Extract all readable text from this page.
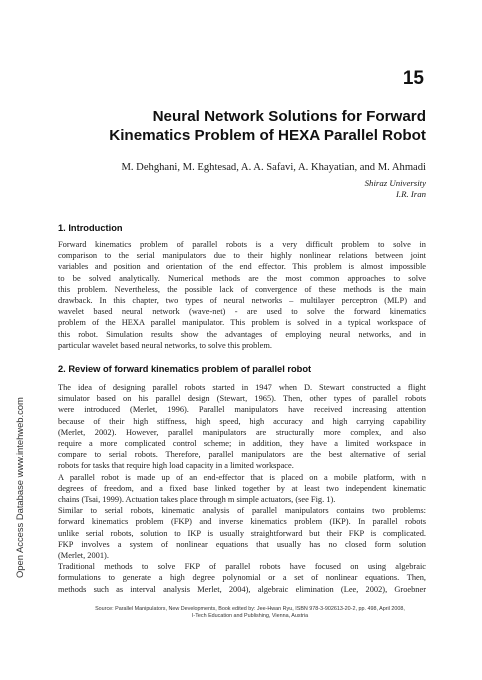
15
Neural Network Solutions for Forward
Kinematics Problem of HEXA Parallel Robot
M. Dehghani, M. Eghtesad, A. A. Safavi, A. Khayatian, and M. Ahmadi
Shiraz University
I.R. Iran
1. Introduction
Forward kinematics problem of parallel robots is a very difficult problem to solve in
comparison to the serial manipulators due to their highly nonlinear relations between joint
variables and position and orientation of the end effector. This problem is almost impossible
to be solved analytically. Numerical methods are the most common approaches to solve
this problem. Nevertheless, the possible lack of convergence of these methods is the main
drawback. In this chapter, two types of neural networks – multilayer perceptron (MLP) and
wavelet based neural network (wave-net) - are used to solve the forward kinematics
problem of the HEXA parallel manipulator. This problem is solved in a typical workspace of
this robot. Simulation results show the advantages of employing neural networks, and in
particular wavelet based neural networks, to solve this problem.
2. Review of forward kinematics problem of parallel robot
The idea of designing parallel robots started in 1947 when D. Stewart constructed a flight
simulator based on his parallel design (Stewart, 1965). Then, other types of parallel robots
were introduced (Merlet, 1996). Parallel manipulators have received increasing attention
because of their high stiffness, high speed, high accuracy and high carrying capability
(Merlet, 2002). However, parallel manipulators are structurally more complex, and also
require a more complicated control scheme; in addition, they have a limited workspace in
compare to serial robots. Therefore, parallel manipulators are the best alternative of serial
robots for tasks that require high load capacity in a limited workspace.
A parallel robot is made up of an end-effector that is placed on a mobile platform, with n
degrees of freedom, and a fixed base linked together by at least two independent kinematic
chains (Tsai, 1999). Actuation takes place through m simple actuators, (see Fig. 1).
Similar to serial robots, kinematic analysis of parallel manipulators contains two problems:
forward kinematics problem (FKP) and inverse kinematics problem (IKP). In parallel robots
unlike serial robots, solution to IKP is usually straightforward but their FKP is complicated.
FKP involves a system of nonlinear equations that usually has no closed form solution
(Merlet, 2001).
Traditional methods to solve FKP of parallel robots have focused on using algebraic
formulations to generate a high degree polynomial or a set of nonlinear equations. Then,
methods such as interval analysis Merlet, 2004), algebraic elimination (Lee, 2002), Groebner
Open Access Database www.intehweb.com
Source: Parallel Manipulators, New Developments, Book edited by: Jee-Hwan Ryu, ISBN 978-3-902613-20-2, pp. 498, April 2008,
I-Tech Education and Publishing, Vienna, Austria
